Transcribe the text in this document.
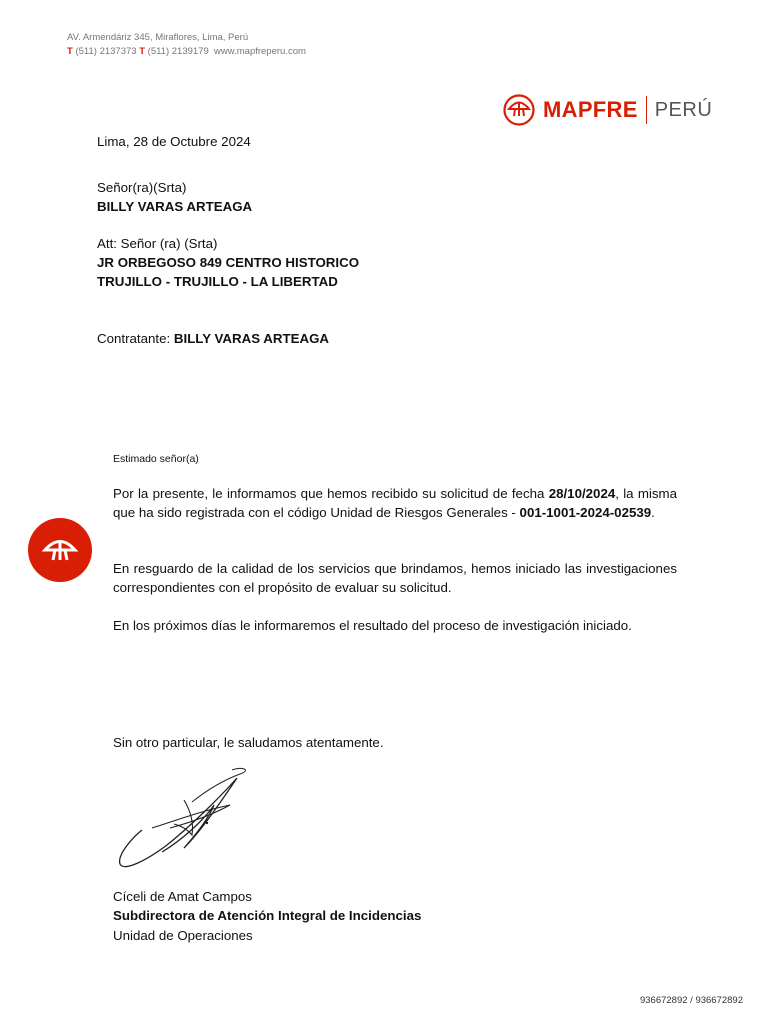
AV. Armendáriz 345, Miraflores, Lima, Perú
T (511) 2137373 T (511) 2139179 www.mapfreperu.com
MAPFRE PERÚ
Lima, 28 de Octubre 2024
Señor(ra)(Srta)
BILLY VARAS ARTEAGA
Att: Señor (ra) (Srta)
JR ORBEGOSO 849 CENTRO HISTORICO
TRUJILLO - TRUJILLO - LA LIBERTAD
Contratante: BILLY VARAS ARTEAGA
Estimado señor(a)
Por la presente, le informamos que hemos recibido su solicitud de fecha 28/10/2024, la misma que ha sido registrada con el código Unidad de Riesgos Generales - 001-1001-2024-02539.
En resguardo de la calidad de los servicios que brindamos, hemos iniciado las investigaciones correspondientes con el propósito de evaluar su solicitud.
En los próximos días le informaremos el resultado del proceso de investigación iniciado.
Sin otro particular, le saludamos atentamente.
Cíceli de Amat Campos
Subdirectora de Atención Integral de Incidencias
Unidad de Operaciones
936672892 / 936672892
